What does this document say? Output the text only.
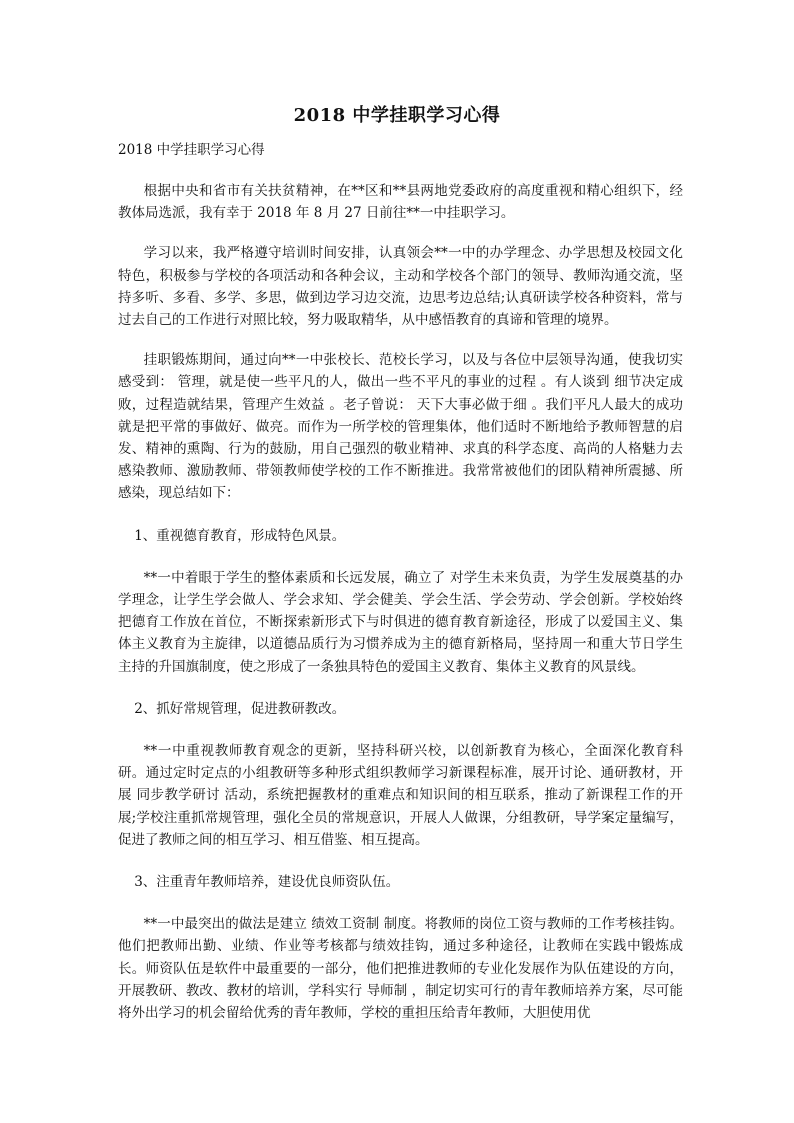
2018 中学挂职学习心得
2018 中学挂职学习心得

根据中央和省市有关扶贫精神，在**区和**县两地党委政府的高度重视和精心组织下，经教体局选派，我有幸于 2018 年 8 月 27 日前往**一中挂职学习。

学习以来，我严格遵守培训时间安排，认真领会**一中的办学理念、办学思想及校园文化特色，积极参与学校的各项活动和各种会议，主动和学校各个部门的领导、教师沟通交流，坚持多听、多看、多学、多思，做到边学习边交流，边思考边总结;认真研读学校各种资料，常与过去自己的工作进行对照比较，努力吸取精华，从中感悟教育的真谛和管理的境界。

挂职锻炼期间，通过向**一中张校长、范校长学习，以及与各位中层领导沟通，使我切实感受到： 管理，就是使一些平凡的人，做出一些不平凡的事业的过程 。有人谈到 细节决定成败，过程造就结果，管理产生效益 。老子曾说： 天下大事必做于细 。我们平凡人最大的成功就是把平常的事做好、做亮。而作为一所学校的管理集体，他们适时不断地给予教师智慧的启发、精神的熏陶、行为的鼓励，用自己强烈的敬业精神、求真的科学态度、高尚的人格魅力去感染教师、激励教师、带领教师使学校的工作不断推进。我常常被他们的团队精神所震撼、所感染，现总结如下：

1、重视德育教育，形成特色风景。

**一中着眼于学生的整体素质和长远发展，确立了 对学生未来负责，为学生发展奠基的办学理念，让学生学会做人、学会求知、学会健美、学会生活、学会劳动、学会创新。学校始终把德育工作放在首位，不断探索新形式下与时俱进的德育教育新途径，形成了以爱国主义、集体主义教育为主旋律，以道德品质行为习惯养成为主的德育新格局，坚持周一和重大节日学生主持的升国旗制度，使之形成了一条独具特色的爱国主义教育、集体主义教育的风景线。

2、抓好常规管理，促进教研教改。

**一中重视教师教育观念的更新，坚持科研兴校，以创新教育为核心，全面深化教育科研。通过定时定点的小组教研等多种形式组织教师学习新课程标准，展开讨论、通研教材，开展 同步教学研讨 活动，系统把握教材的重难点和知识间的相互联系，推动了新课程工作的开展;学校注重抓常规管理，强化全员的常规意识，开展人人做课，分组教研，导学案定量编写，促进了教师之间的相互学习、相互借鉴、相互提高。

3、注重青年教师培养，建设优良师资队伍。

**一中最突出的做法是建立 绩效工资制 制度。将教师的岗位工资与教师的工作考核挂钩。他们把教师出勤、业绩、作业等考核都与绩效挂钩，通过多种途径，让教师在实践中锻炼成长。师资队伍是软件中最重要的一部分，他们把推进教师的专业化发展作为队伍建设的方向，开展教研、教改、教材的培训，学科实行 导师制 ，制定切实可行的青年教师培养方案，尽可能将外出学习的机会留给优秀的青年教师，学校的重担压给青年教师，大胆使用优
